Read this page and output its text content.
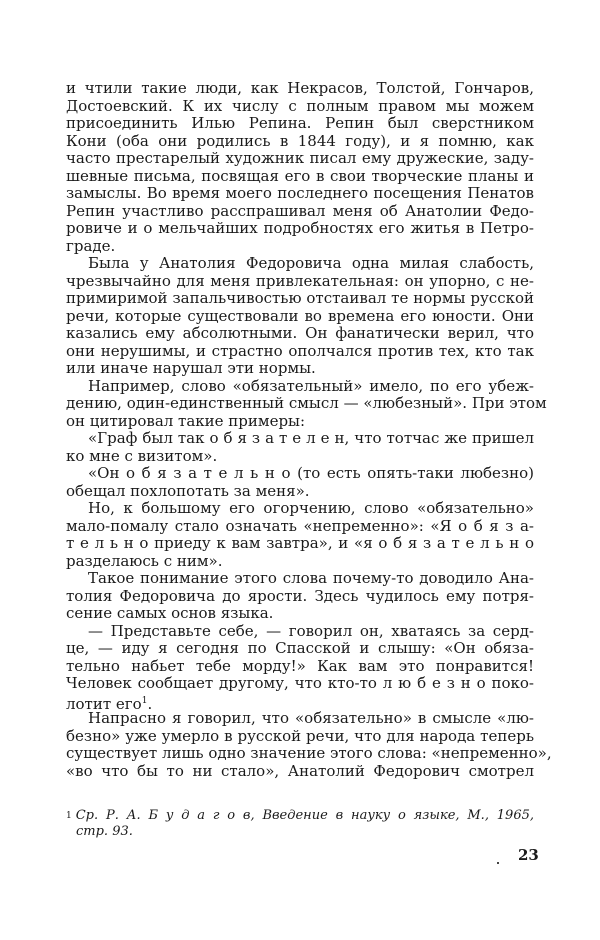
и чтили такие люди, как Некрасов, Толстой, Гончаров,
Достоевский. К их числу с полным правом мы можем
присоединить Илью Репина. Репин был сверстником
Кони (оба они родились в 1844 году), и я помню, как
часто престарелый художник писал ему дружеские, заду-
шевные письма, посвящая его в свои творческие планы и
замыслы. Во время моего последнего посещения Пенатов
Репин участливо расспрашивал меня об Анатолии Федо-
ровиче и о мельчайших подробностях его житья в Петро-
граде.
Была у Анатолия Федоровича одна милая слабость,
чрезвычайно для меня привлекательная: он упорно, с не-
примиримой запальчивостью отстаивал те нормы русской
речи, которые существовали во времена его юности. Они
казались ему абсолютными. Он фанатически верил, что
они нерушимы, и страстно ополчался против тех, кто так
или иначе нарушал эти нормы.
Например, слово «обязательный» имело, по его убеж-
дению, один-единственный смысл — «любезный». При этом
он цитировал такие примеры:
«Граф был так о б я з а т е л е н, что тотчас же пришел
ко мне с визитом».
«Он о б я з а т е л ь н о (то есть опять-таки любезно)
обещал похлопотать за меня».
Но, к большому его огорчению, слово «обязательно»
мало-помалу стало означать «непременно»: «Я о б я з а-
т е л ь н о приеду к вам завтра», и «я о б я з а т е л ь н о
разделаюсь с ним».
Такое понимание этого слова почему-то доводило Ана-
толия Федоровича до ярости. Здесь чудилось ему потря-
сение самых основ языка.
— Представьте себе, — говорил он, хватаясь за серд-
це, — иду я сегодня по Спасской и слышу: «Он обяза-
тельно набьет тебе морду!» Как вам это понравится!
Человек сообщает другому, что кто-то л ю б е з н о поко-
лотит его$^1$.
Напрасно я говорил, что «обязательно» в смысле «лю-
безно» уже умерло в русской речи, что для народа теперь
существует лишь одно значение этого слова: «непременно»,
«во что бы то ни стало», Анатолий Федорович смотрел
$^1$ Ср. Р. А. Б у д а г о в, Введение в науку о языке, М., 1965,
стр. 93.
23
